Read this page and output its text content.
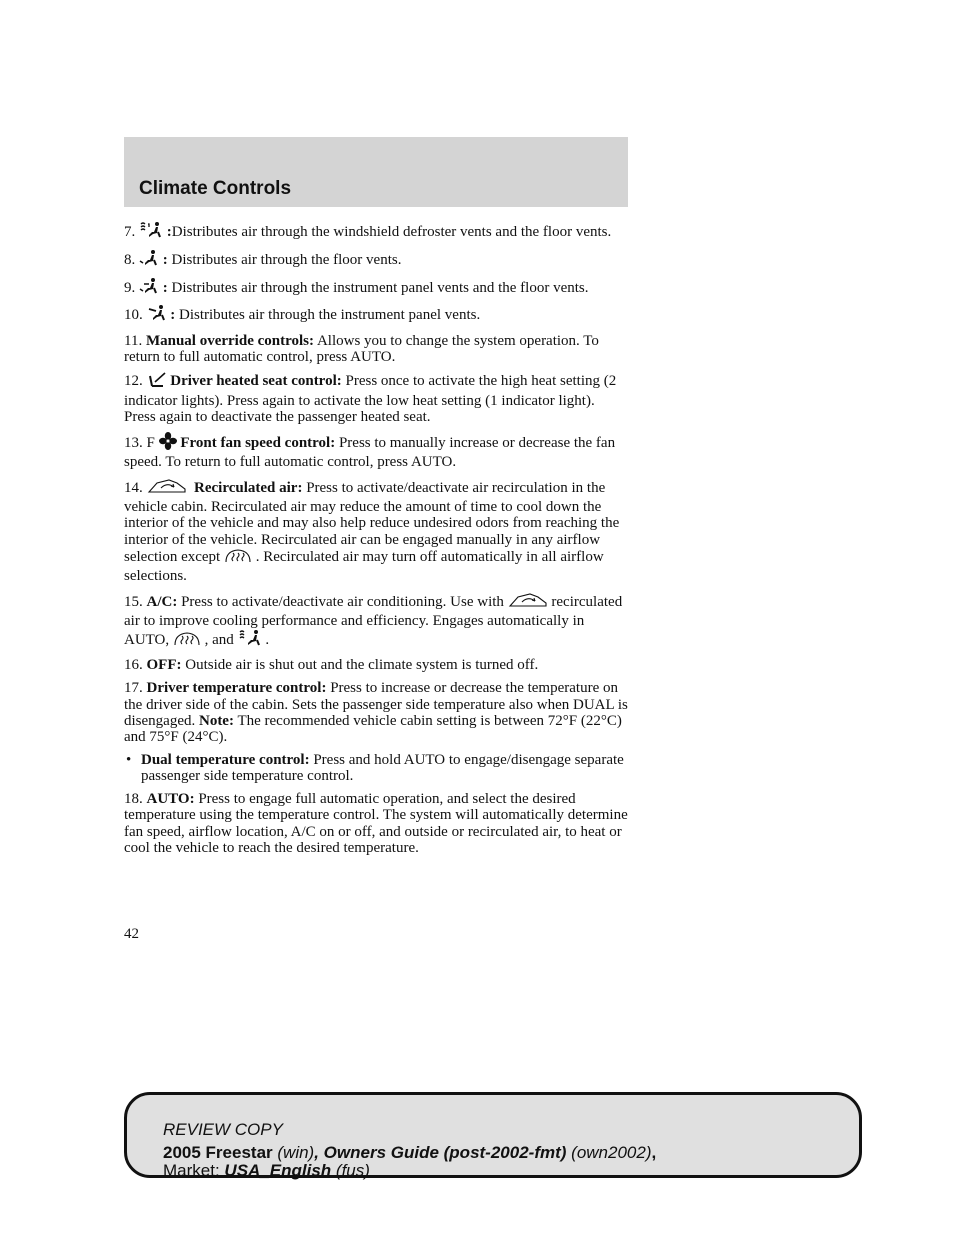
Climate Controls

7. :Distributes air through the windshield defroster vents and the floor vents.

8. : Distributes air through the floor vents.

9. : Distributes air through the instrument panel vents and the floor vents.

10. : Distributes air through the instrument panel vents.

11. Manual override controls: Allows you to change the system operation. To return to full automatic control, press AUTO.

12. Driver heated seat control: Press once to activate the high heat setting (2 indicator lights). Press again to activate the low heat setting (1 indicator light). Press again to deactivate the passenger heated seat.

13. F Front fan speed control: Press to manually increase or decrease the fan speed. To return to full automatic control, press AUTO.

14.	Recirculated air: Press to activate/deactivate air recirculation in the vehicle cabin. Recirculated air may reduce the amount of time to cool down the interior of the vehicle and may also help reduce undesired odors from reaching the interior of the vehicle. Recirculated air can be engaged manually in any airflow selection except . Recirculated air may turn off automatically in all airflow selections.

15. A/C: Press to activate/deactivate air conditioning. Use with	recirculated air to improve cooling performance and efficiency. Engages automatically in AUTO, , and .

16. OFF: Outside air is shut out and the climate system is turned off.

17. Driver temperature control: Press to increase or decrease the temperature on the driver side of the cabin. Sets the passenger side temperature also when DUAL is disengaged. Note: The recommended vehicle cabin setting is between 72°F (22°C) and 75°F (24°C).

• Dual temperature control: Press and hold AUTO to engage/disengage separate passenger side temperature control.

18. AUTO: Press to engage full automatic operation, and select the desired temperature using the temperature control. The system will automatically determine fan speed, airflow location, A/C on or off, and outside or recirculated air, to heat or cool the vehicle to reach the desired temperature.

42
REVIEW COPY
2005 Freestar (win), Owners Guide (post-2002-fmt) (own2002),
Market: USA_English (fus)
